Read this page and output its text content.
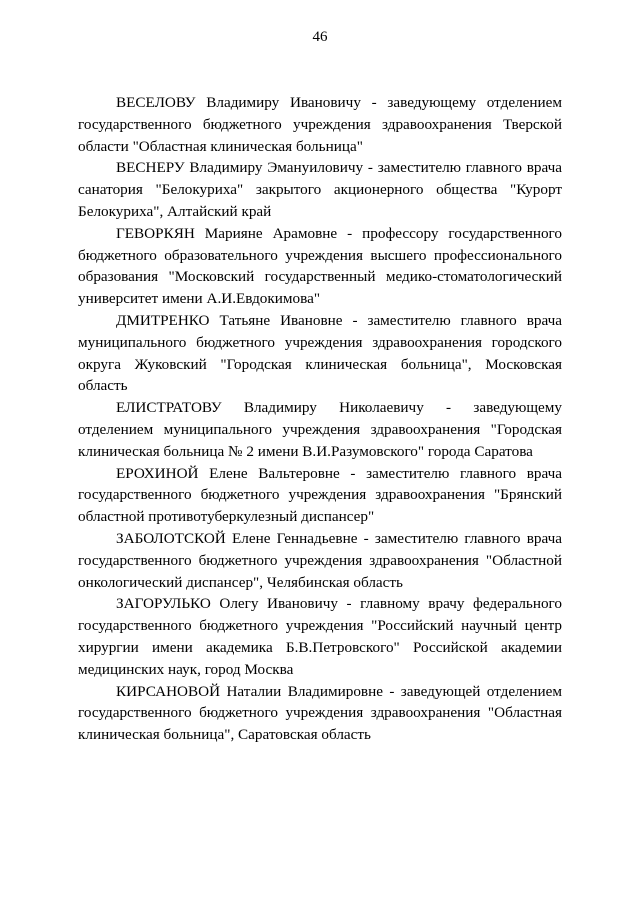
46

ВЕСЕЛОВУ Владимиру Ивановичу - заведующему отделением государственного бюджетного учреждения здравоохранения Тверской области "Областная клиническая больница"

ВЕСНЕРУ Владимиру Эмануиловичу - заместителю главного врача санатория "Белокуриха" закрытого акционерного общества "Курорт Белокуриха", Алтайский край

ГЕВОРКЯН Марияне Арамовне - профессору государственного бюджетного образовательного учреждения высшего профессионального образования "Московский государственный медико-стоматологический университет имени А.И.Евдокимова"

ДМИТРЕНКО Татьяне Ивановне - заместителю главного врача муниципального бюджетного учреждения здравоохранения городского округа Жуковский "Городская клиническая больница", Московская область

ЕЛИСТРАТОВУ Владимиру Николаевичу - заведующему отделением муниципального учреждения здравоохранения "Городская клиническая больница № 2 имени В.И.Разумовского" города Саратова

ЕРОХИНОЙ Елене Вальтеровне - заместителю главного врача государственного бюджетного учреждения здравоохранения "Брянский областной противотуберкулезный диспансер"

ЗАБОЛОТСКОЙ Елене Геннадьевне - заместителю главного врача государственного бюджетного учреждения здравоохранения "Областной онкологический диспансер", Челябинская область

ЗАГОРУЛЬКО Олегу Ивановичу - главному врачу федерального государственного бюджетного учреждения "Российский научный центр хирургии имени академика Б.В.Петровского" Российской академии медицинских наук, город Москва

КИРСАНОВОЙ Наталии Владимировне - заведующей отделением государственного бюджетного учреждения здравоохранения "Областная клиническая больница", Саратовская область
